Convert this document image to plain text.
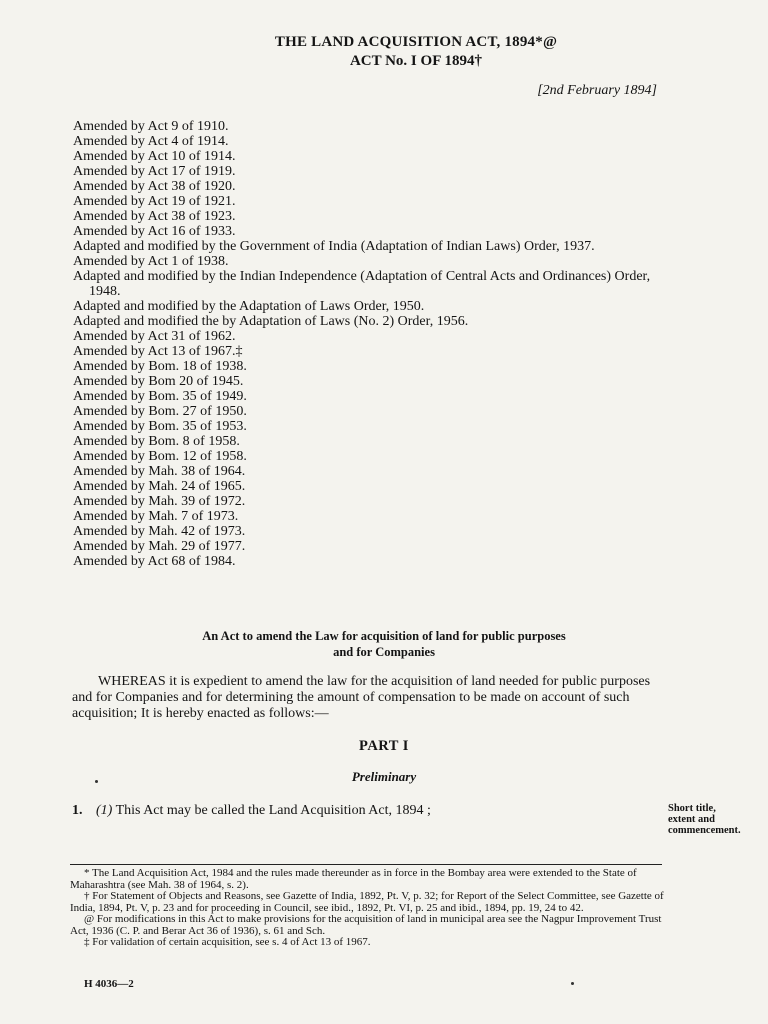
THE LAND ACQUISITION ACT, 1894*@
ACT No. I OF 1894†
[2nd February 1894]
Amended by Act 9 of 1910.
Amended by Act 4 of 1914.
Amended by Act 10 of 1914.
Amended by Act 17 of 1919.
Amended by Act 38 of 1920.
Amended by Act 19 of 1921.
Amended by Act 38 of 1923.
Amended by Act 16 of 1933.
Adapted and modified by the Government of India (Adaptation of Indian Laws) Order, 1937.
Amended by Act 1 of 1938.
Adapted and modified by the Indian Independence (Adaptation of Central Acts and Ordinances) Order, 1948.
Adapted and modified by the Adaptation of Laws Order, 1950.
Adapted and modified the by Adaptation of Laws (No. 2) Order, 1956.
Amended by Act 31 of 1962.
Amended by Act 13 of 1967.‡
Amended by Bom. 18 of 1938.
Amended by Bom 20 of 1945.
Amended by Bom. 35 of 1949.
Amended by Bom. 27 of 1950.
Amended by Bom. 35 of 1953.
Amended by Bom. 8 of 1958.
Amended by Bom. 12 of 1958.
Amended by Mah. 38 of 1964.
Amended by Mah. 24 of 1965.
Amended by Mah. 39 of 1972.
Amended by Mah. 7 of 1973.
Amended by Mah. 42 of 1973.
Amended by Mah. 29 of 1977.
Amended by Act 68 of 1984.
An Act to amend the Law for acquisition of land for public purposes
and for Companies
WHEREAS it is expedient to amend the law for the acquisition of land needed for public purposes and for Companies and for determining the amount of compensation to be made on account of such acquisition; It is hereby enacted as follows:—
PART I
Preliminary
1. (1) This Act may be called the Land Acquisition Act, 1894 ;	Short title, extent and commencement.

* The Land Acquisition Act, 1984 and the rules made thereunder as in force in the Bombay area were extended to the State of Maharashtra (see Mah. 38 of 1964, s. 2).

† For Statement of Objects and Reasons, see Gazette of India, 1892, Pt. V, p. 32; for Report of the Select Committee, see Gazette of India, 1894, Pt. V, p. 23 and for proceeding in Council, see ibid., 1892, Pt. VI, p. 25 and ibid., 1894, pp. 19, 24 to 42.

@ For modifications in this Act to make provisions for the acquisition of land in municipal area see the Nagpur Improvement Trust Act, 1936 (C. P. and Berar Act 36 of 1936), s. 61 and Sch.

‡ For validation of certain acquisition, see s. 4 of Act 13 of 1967.

H 4036—2
